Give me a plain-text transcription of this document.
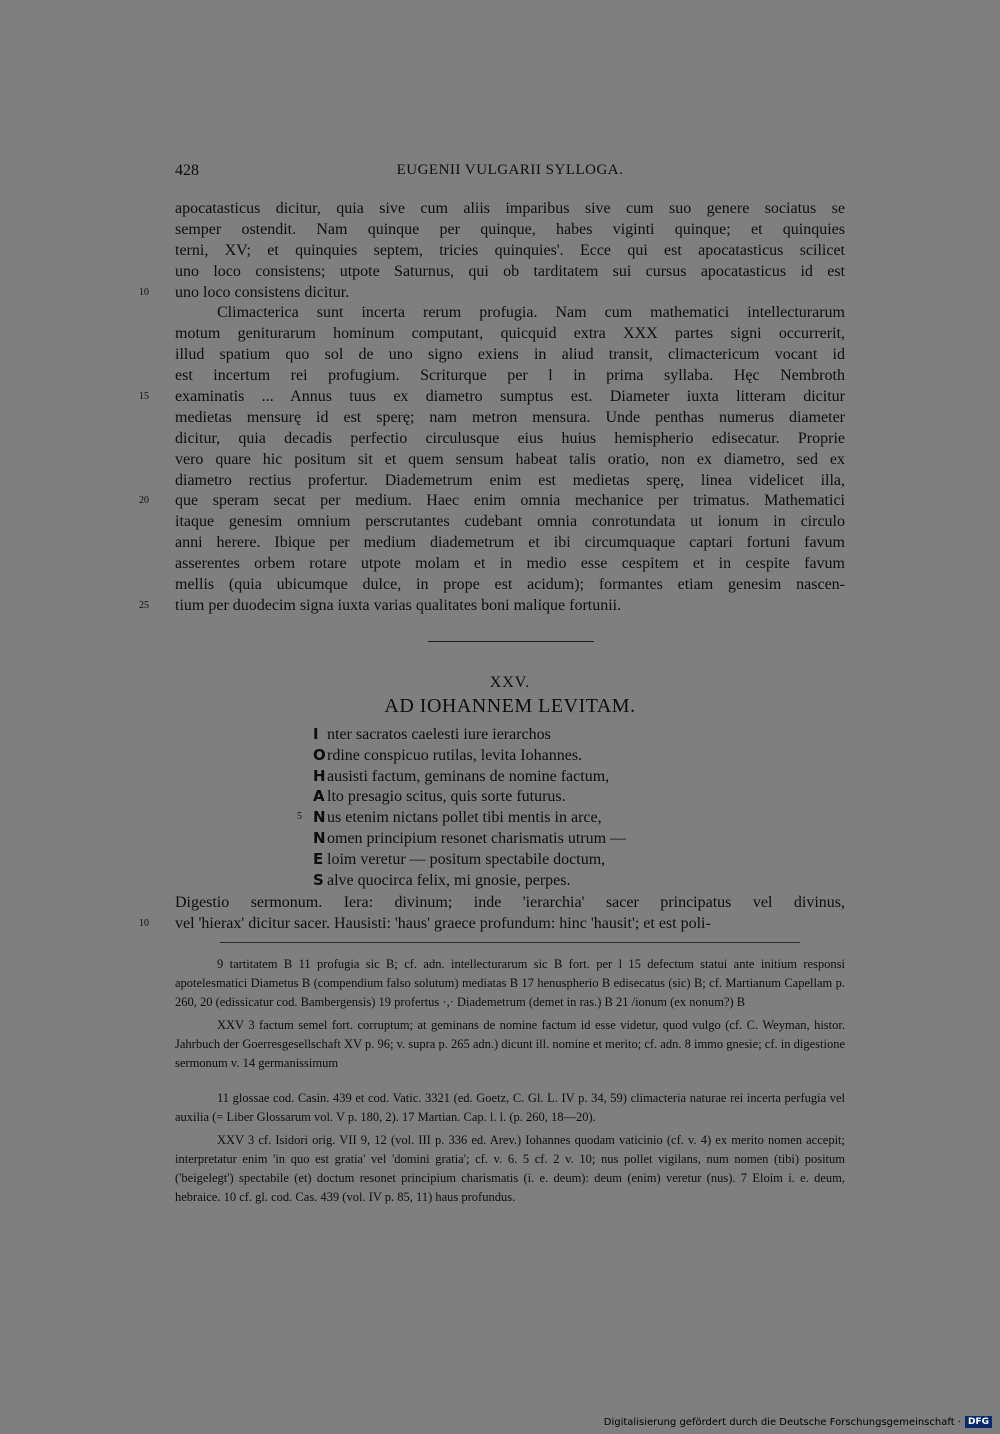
428	EUGENII VULGARII SYLLOGA.
apocatasticus dicitur, quia sive cum aliis imparibus sive cum suo genere sociatus se
semper ostendit. Nam quinque per quinque, habes viginti quinque; et quinquies
terni, XV; et quinquies septem, tricies quinquies'. Ecce qui est apocatasticus scilicet
uno loco consistens; utpote Saturnus, qui ob tarditatem sui cursus apocatasticus id est
10	uno loco consistens dicitur.
Climacterica sunt incerta rerum profugia. Nam cum mathematici intellecturarum
motum geniturarum hominum computant, quicquid extra XXX partes signi occurrerit,
illud spatium quo sol de uno signo exiens in aliud transit, climactericum vocant id
est incertum rei profugium. Scriturque per l in prima syllaba. Hęc Nembroth
15	examinatis ... Annus tuus ex diametro sumptus est. Diameter iuxta litteram dicitur
medietas mensurę id est sperę; nam metron mensura. Unde penthas numerus diameter
dicitur, quia decadis perfectio circulusque eius huius hemispherio edisecatur. Proprie
vero quare hic positum sit et quem sensum habeat talis oratio, non ex diametro, sed ex
diametro rectius profertur. Diademetrum enim est medietas sperę, linea videlicet illa,
20	que speram secat per medium. Haec enim omnia mechanice per trimatus. Mathematici
itaque genesim omnium perscrutantes cudebant omnia conrotundata ut ionum in circulo
anni herere. Ibique per medium diademetrum et ibi circumquaque captari fortuni favum
asserentes orbem rotare utpote molam et in medio esse cespitem et in cespite favum
mellis (quia ubicumque dulce, in prope est acidum); formantes etiam genesim nascen-
25	tium per duodecim signa iuxta varias qualitates boni malique fortunii.
XXV.
AD IOHANNEM LEVITAM.
I nter sacratos caelesti iure ierarchos
Ordine conspicuo rutilas, levita Iohannes.
Hausisti factum, geminans de nomine factum,
A lto presagio scitus, quis sorte futurus.
5 Nus etenim nictans pollet tibi mentis in arce,
Nomen principium resonet charismatis utrum —
E loim veretur — positum spectabile doctum,
S alve quocirca felix, mi gnosie, perpes.
Digestio sermonum. Iera: divinum; inde 'ierarchia' sacer principatus vel divinus,
10	vel 'hierax' dicitur sacer. Hausisti: 'haus' graece profundum: hinc 'hausit'; et est poli-

9 tartitatem B 11 profugia sic B; cf. adn. intellecturarum sic B fort. per l 15 defectum statui ante initium responsi apotelesmatici Diametus B (compendium falso solutum) mediatas B 17 henuspherio B edisecatus (sic) B; cf. Martianum Capellam p. 260, 20 (edissicatur cod. Bambergensis) 19 profertus ·,· Diademetrum (demet in ras.) B 21 /ionum (ex nonum?) B

XXV 3 factum semel fort. corruptum; at geminans de nomine factum id esse videtur, quod vulgo (cf. C. Weyman, histor. Jahrbuch der Goerresgesellschaft XV p. 96; v. supra p. 265 adn.) dicunt ill. nomine et merito; cf. adn. 8 immo gnesie; cf. in digestione sermonum v. 14 germanissimum

11 glossae cod. Casin. 439 et cod. Vatic. 3321 (ed. Goetz, C. Gl. L. IV p. 34, 59) climacteria naturae rei incerta perfugia vel auxilia (= Liber Glossarum vol. V p. 180, 2). 17 Martian. Cap. l. l. (p. 260, 18—20).

XXV 3 cf. Isidori orig. VII 9, 12 (vol. III p. 336 ed. Arev.) Iohannes quodam vaticinio (cf. v. 4) ex merito nomen accepit; interpretatur enim 'in quo est gratia' vel 'domini gratia'; cf. v. 6. 5 cf. 2 v. 10; nus pollet vigilans, num nomen (tibi) positum ('beigelegt') spectabile (et) doctum resonet principium charismatis (i. e. deum): deum (enim) veretur (nus). 7 Eloim i. e. deum, hebraice. 10 cf. gl. cod. Cas. 439 (vol. IV p. 85, 11) haus profundus.

Digitalisierung gefördert durch die Deutsche Forschungsgemeinschaft · DFG
